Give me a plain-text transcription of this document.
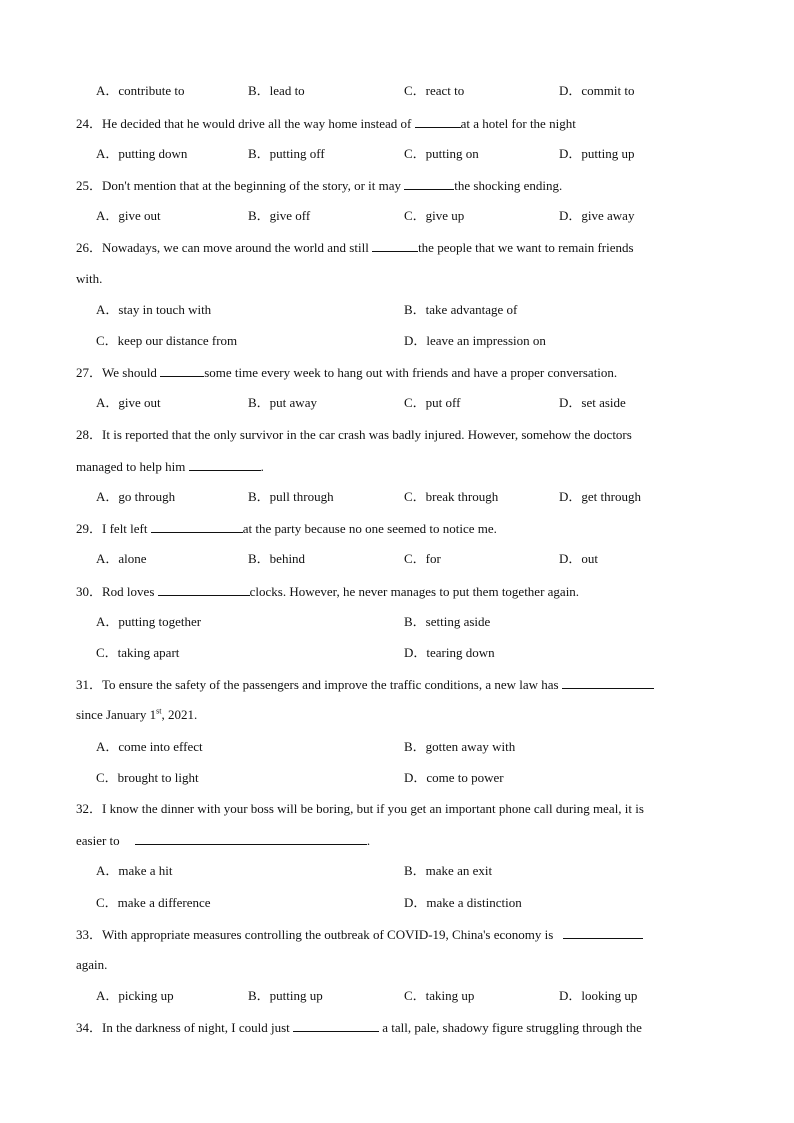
A．contribute to	B．lead to	C．react to	D．commit to
24．He decided that he would drive all the way home instead of	at a hotel for the night
A．putting down	B．putting off	C．putting on	D．putting up
25．Don't mention that at the beginning of the story, or it may	the shocking ending.
A．give out	B．give off	C．give up	D．give away
26．Nowadays, we can move around the world and still	the people that we want to remain friends
with.
A．stay in touch with	B．take advantage of
C．keep our distance from	D．leave an impression on
27．We should	some time every week to hang out with friends and have a proper conversation.
A．give out	B．put away	C．put off	D．set aside
28．It is reported that the only survivor in the car crash was badly injured. However, somehow the doctors
managed to help him	.
A．go through	B．pull through	C．break through	D．get through
29．I felt left	at the party because no one seemed to notice me.
A．alone	B．behind	C．for	D．out
30．Rod loves	clocks. However, he never manages to put them together again.
A．putting together	B．setting aside
C．taking apart	D．tearing down
31．To ensure the safety of the passengers and improve the traffic conditions, a new law has
since January 1st, 2021.
A．come into effect	B．gotten away with
C．brought to light	D．come to power
32．I know the dinner with your boss will be boring, but if you get an important phone call during meal, it is
easier to	.
A．make a hit	B．make an exit
C．make a difference	D．make a distinction
33．With appropriate measures controlling the outbreak of COVID-19, China's economy is
again.
A．picking up	B．putting up	C．taking up	D．looking up
34．In the darkness of night, I could just	a tall, pale, shadowy figure struggling through the
